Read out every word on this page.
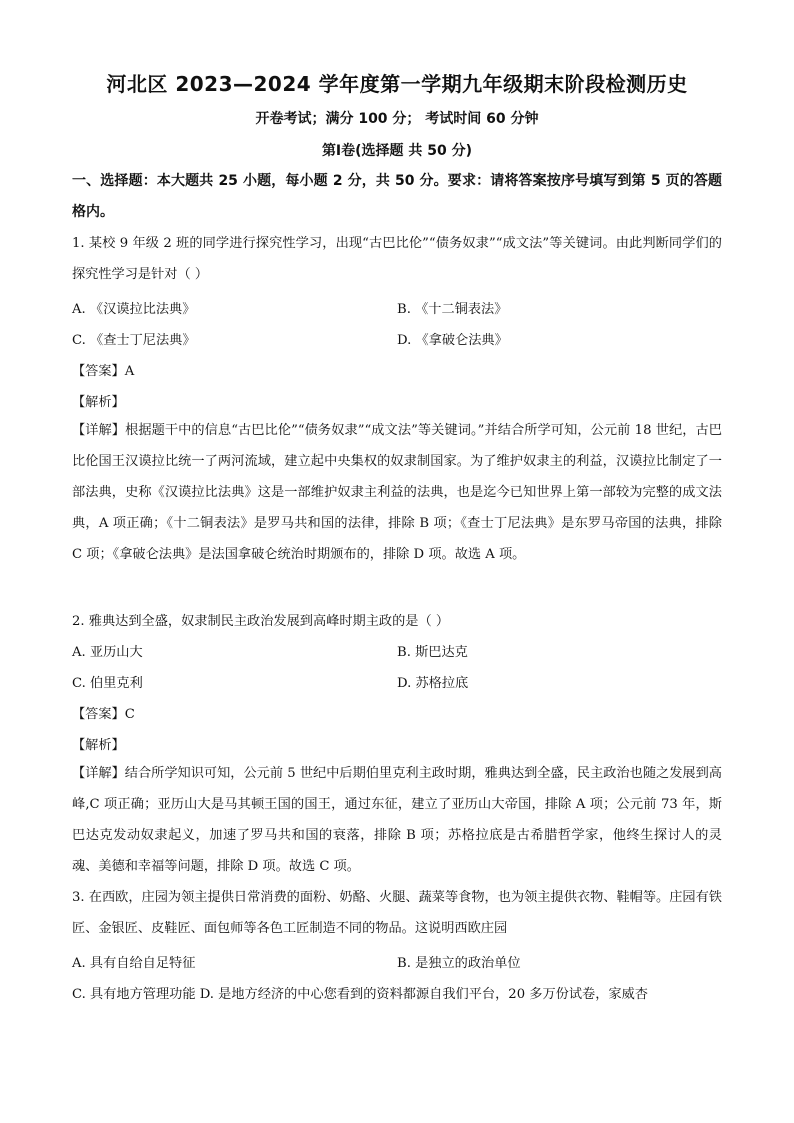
河北区 2023—2024 学年度第一学期九年级期末阶段检测历史
开卷考试；满分 100 分； 考试时间 60 分钟
第Ⅰ卷(选择题 共 50 分)
一、选择题：本大题共 25 小题，每小题 2 分，共 50 分。要求：请将答案按序号填写到第 5 页的答题格内。
1. 某校 9 年级 2 班的同学进行探究性学习，出现“古巴比伦”“债务奴隶”“成文法”等关键词。由此判断同学们的探究性学习是针对（ ）
A. 《汉谟拉比法典》	B. 《十二铜表法》
C. 《查士丁尼法典》	D. 《拿破仑法典》
【答案】A
【解析】
【详解】根据题干中的信息“古巴比伦”“债务奴隶”“成文法”等关键词。”并结合所学可知，公元前 18 世纪，古巴比伦国王汉谟拉比统一了两河流域，建立起中央集权的奴隶制国家。为了维护奴隶主的利益，汉谟拉比制定了一部法典，史称《汉谟拉比法典》这是一部维护奴隶主利益的法典，也是迄今已知世界上第一部较为完整的成文法典，A 项正确；《十二铜表法》是罗马共和国的法律，排除 B 项；《查士丁尼法典》是东罗马帝国的法典，排除 C 项；《拿破仑法典》是法国拿破仑统治时期颁布的，排除 D 项。故选 A 项。
2. 雅典达到全盛，奴隶制民主政治发展到高峰时期主政的是（ ）
A. 亚历山大	B. 斯巴达克
C. 伯里克利	D. 苏格拉底
【答案】C
【解析】
【详解】结合所学知识可知，公元前 5 世纪中后期伯里克利主政时期，雅典达到全盛，民主政治也随之发展到高峰,C 项正确；亚历山大是马其顿王国的国王，通过东征，建立了亚历山大帝国，排除 A 项；公元前 73 年，斯巴达克发动奴隶起义，加速了罗马共和国的衰落，排除 B 项；苏格拉底是古希腊哲学家，他终生探讨人的灵魂、美德和幸福等问题，排除 D 项。故选 C 项。
3. 在西欧，庄园为领主提供日常消费的面粉、奶酪、火腿、蔬菜等食物，也为领主提供衣物、鞋帽等。庄园有铁匠、金银匠、皮鞋匠、面包师等各色工匠制造不同的物品。这说明西欧庄园
A. 具有自给自足特征	B. 是独立的政治单位
C. 具有地方管理功能 D. 是地方经济的中心您看到的资料都源自我们平台，20 多万份试卷，家威杏
